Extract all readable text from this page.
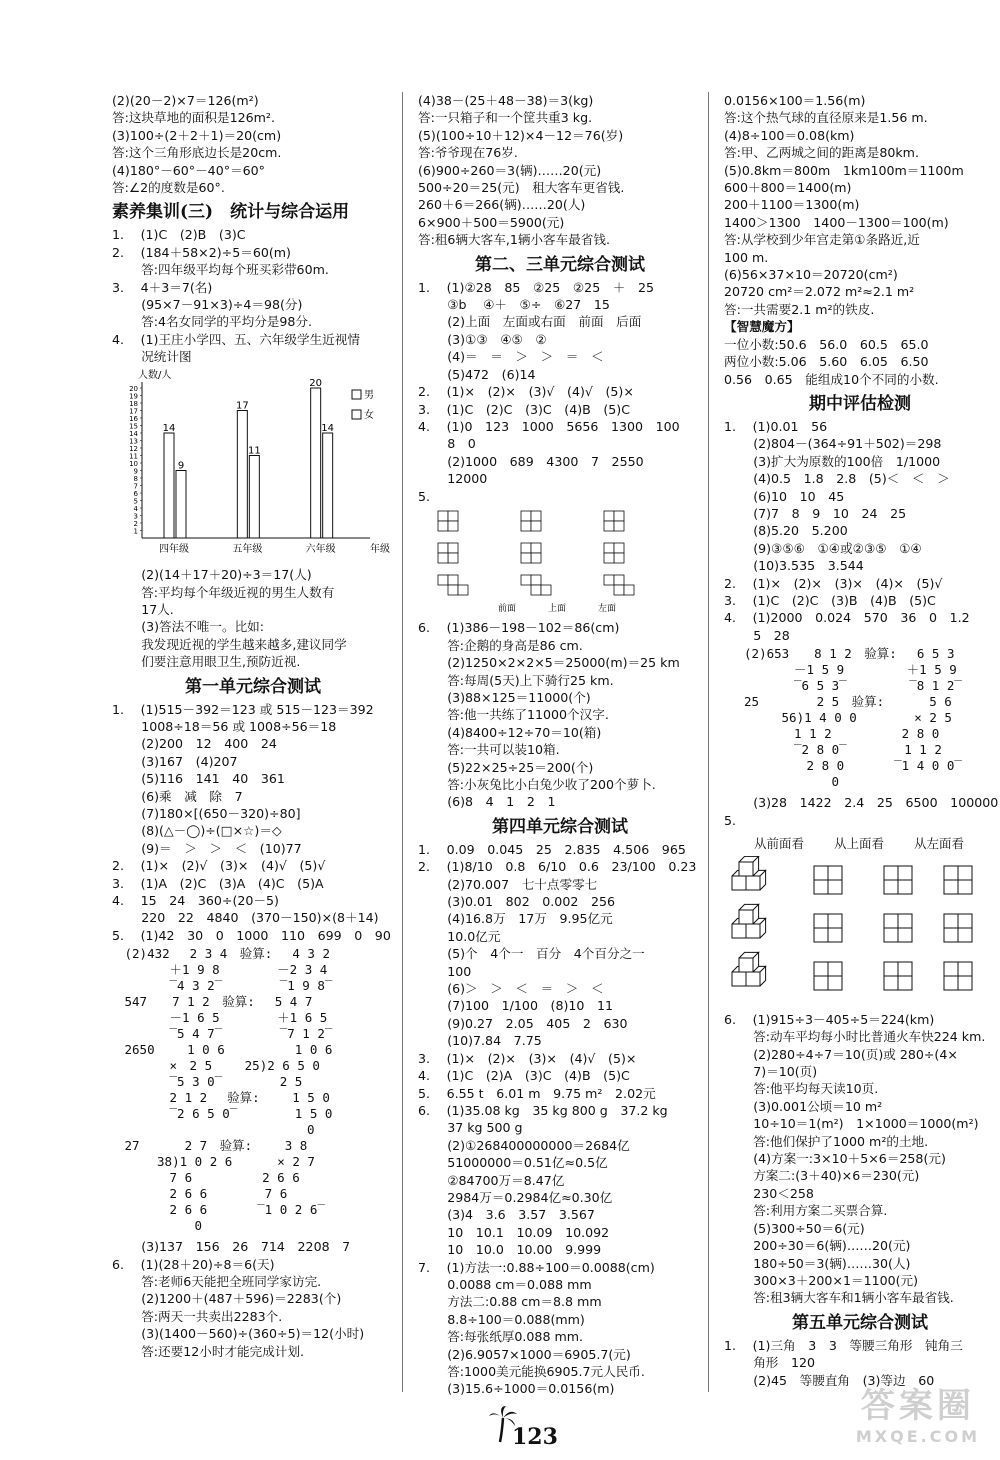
(2)(20－2)×7＝126(m²)
答:这块草地的面积是126m².
(3)100÷(2＋2＋1)＝20(cm)
答:这个三角形底边长是20cm.
(4)180°－60°－40°＝60°
答:∠2的度数是60°.
素养集训(三)　统计与综合运用
1.　 (1)C　(2)B　(3)C
2.　 (184＋58×2)÷5＝60(m)
　　 答:四年级平均每个班买彩带60m.
3.　 4＋3＝7(名)
　　 (95×7－91×3)÷4＝98(分)
　　 答:4名女同学的平均分是98分.
4.　 (1)王庄小学四、五、六年级学生近视情
　　 况统计图
人数/人
年级
1
2
3
4
5
6
7
8
9
10
11
12
13
14
15
16
17
18
19
20
14
9
四年级
17
11
五年级
20
14
六年级
男
女
　　 (2)(14＋17＋20)÷3＝17(人)
　　 答:平均每个年级近视的男生人数有
　　 17人.
　　 (3)答法不唯一。比如:
　　 我发现近视的学生越来越多,建议同学
　　 们要注意用眼卫生,预防近视.
第一单元综合测试
1.　 (1)515－392＝123 或 515－123＝392
　　 1008÷18＝56 或 1008÷56＝18
　　 (2)200　12　400　24
　　 (3)167　(4)207
　　 (5)116　141　40　361
　　 (6)乘　减　除　7
　　 (7)180×[(650－320)÷80]
　　 (8)(△－◯)÷(□×☆)＝◇
　　 (9)＝　＞　＞　＜　(10)77
2.　 (1)×　(2)√　(3)×　(4)√　(5)√
3.　 (1)A　(2)C　(3)A　(4)C　(5)A
4.　 15　24　360÷(20－5)
　　 220　22　4840　(370－150)×(8＋14)
5.　 (1)42　30　0　1000　110　699　0　90
　(2)432　 2 3 4　验算:　 4 3 2
　　　　 ＋1 9 8　　　　 －2 3 4
　　　　 ‾4 3 2‾　　　　 ‾1 9 8‾
　547　　7 1 2　验算:　 5 4 7
　　　　 －1 6 5　　　　 ＋1 6 5
　　　　 ‾5 4 7‾　　　　 ‾7 1 2‾
　2650　　 1 0 6　　　　　 1 0 6
　　　　 ×　2 5　　 25)2 6 5 0
　　　　 ‾5 3 0‾　　　　 2 5
　　　　 2 1 2　 验算:　　 1 5 0
　　　　 ‾2 6 5 0‾　　　　 1 5 0
　　　　　　　　　　　　　　　 0
　27　　　 2 7　验算:　　 3 8
　　　 38)1 0 2 6　　　 × 2 7
　　　　 7 6　　　　　 2 6 6
　　　　 2 6 6　　　　 7 6
　　　　 2 6 6　　　　‾1 0 2 6‾
　　　　　　 0
　　 (3)137　156　26　714　2208　7
6.　 (1)(28＋20)÷8＝6(天)
　　 答:老师6天能把全班同学家访完.
　　 (2)1200＋(487＋596)＝2283(个)
　　 答:两天一共卖出2283个.
　　 (3)(1400－560)÷(360÷5)＝12(小时)
　　 答:还要12小时才能完成计划.
(4)38－(25＋48－38)＝3(kg)
答:一只箱子和一个筐共重3 kg.
(5)(100÷10＋12)×4－12＝76(岁)
答:爷爷现在76岁.
(6)900÷260＝3(辆)……20(元)
500÷20＝25(元)　租大客车更省钱.
260＋6＝266(辆)……20(人)
6×900＋500＝5900(元)
答:租6辆大客车,1辆小客车最省钱.
第二、三单元综合测试
1.　 (1)②28　85　②25　②25　＋　25
　　 ③b　 ④＋　⑤÷　⑥27　15
　　 (2)上面　左面或右面　前面　后面
　　 (3)①③　④⑤　②
　　 (4)＝　＝　＞　＞　＝　＜
　　 (5)472　(6)14
2.　 (1)×　(2)×　(3)√　(4)√　(5)×
3.　 (1)C　(2)C　(3)C　(4)B　(5)C
4.　 (1)0　123　1000　5656　1300　100
　　 8　0
　　 (2)1000　689　4300　7　2550
　　 12000
5.
前面	上面	左面
6.　 (1)386－198－102＝86(cm)
　　 答:企鹅的身高是86 cm.
　　 (2)1250×2×2×5＝25000(m)＝25 km
　　 答:每周(5天)上下骑行25 km.
　　 (3)88×125＝11000(个)
　　 答:他一共练了11000个汉字.
　　 (4)8400÷12÷70＝10(箱)
　　 答:一共可以装10箱.
　　 (5)22×25÷25＝200(个)
　　 答:小灰兔比小白兔少收了200个萝卜.
　　 (6)8　4　1　2　1
第四单元综合测试
1.　 0.09　0.045　25　2.835　4.506　965
2.　 (1)8/10　0.8　6/10　0.6　23/100　0.23
　　 (2)70.007　七十点零零七
　　 (3)0.01　802　0.002　256
　　 (4)16.8万　17万　9.95亿元
　　 10.0亿元
　　 (5)个　4个一　百分　4个百分之一
　　 100
　　 (6)＞　＞　＜　＝　＞　＜
　　 (7)100　1/100　(8)10　11
　　 (9)0.27　2.05　405　2　630
　　 (10)7.84　7.75
3.　 (1)×　(2)×　(3)×　(4)√　(5)×
4.　 (1)C　(2)A　(3)C　(4)B　(5)C
5.　 6.55 t　6.01 m　9.75 m²　2.02元
6.　 (1)35.08 kg　35 kg 800 g　37.2 kg
　　 37 kg 500 g
　　 (2)①268400000000＝2684亿
　　 51000000＝0.51亿≈0.5亿
　　 ②84700万＝8.47亿
　　 2984万＝0.2984亿≈0.30亿
　　 (3)4　3.6　3.57　3.567
　　 10　10.1　10.09　10.092
　　 10　10.0　10.00　9.999
7.　 (1)方法一:0.88÷100＝0.0088(cm)
　　 0.0088 cm＝0.088 mm
　　 方法二:0.88 cm＝8.8 mm
　　 8.8÷100＝0.088(mm)
　　 答:每张纸厚0.088 mm.
　　 (2)6.9057×1000＝6905.7(元)
　　 答:1000美元能换6905.7元人民币.
　　 (3)15.6÷1000＝0.0156(m)
0.0156×100＝1.56(m)
答:这个热气球的直径原来是1.56 m.
(4)8÷100＝0.08(km)
答:甲、乙两城之间的距离是80km.
(5)0.8km＝800m　1km100m＝1100m
600＋800＝1400(m)
200＋1100＝1300(m)
1400＞1300　1400－1300＝100(m)
答:从学校到少年宫走第①条路近,近
100 m.
(6)56×37×10＝20720(cm²)
20720 cm²＝2.072 m²≈2.1 m²
答:一共需要2.1 m²的铁皮.
【智慧魔方】
一位小数:50.6　56.0　60.5　65.0
两位小数:5.06　5.60　6.05　6.50
0.56　0.65　能组成10个不同的小数.
期中评估检测
1.　 (1)0.01　56
　　 (2)804－(364÷91＋502)＝298
　　 (3)扩大为原数的100倍　1/1000
　　 (4)0.5　1.8　2.8　(5)＜　＜　＞
　　 (6)10　10　45
　　 (7)7　8　9　10　24　25
　　 (8)5.20　5.200
　　 (9)③⑤⑥　①④或②③⑤　①④
　　 (10)3.535　3.544
2.　 (1)×　(2)×　(3)×　(4)×　(5)√
3.　 (1)C　(2)C　(3)B　(4)B　(5)C
4.　 (1)2000　0.024　570　36　0　1.2
　　 5　28
　 (2)653　　8 1 2　验算:　 6 5 3
　　　　　 －1 5 9　　　　　＋1 5 9
　　　　　 ‾6 5 3‾　　　　　‾8 1 2‾
　 25　　　　 2 5　验算:　　　 5 6
　　　　 56)1 4 0 0　　　　 × 2 5
　　　　　 1 1 2　　　　　 2 8 0
　　　　　 ‾2 8 0‾　　　　 1 1 2
　　　　　　 2 8 0　　　　‾1 4 0 0‾
　　　　　　　　 0
　　 (3)28　1422　2.4　25　6500　100000
5.
从前面看 从上面看 从左面看
6.　 (1)915÷3－405÷5＝224(km)
　　 答:动车平均每小时比普通火车快224 km.
　　 (2)280÷4÷7＝10(页)或 280÷(4×
　　 7)＝10(页)
　　 答:他平均每天读10页.
　　 (3)0.001公顷＝10 m²
　　 10÷10＝1(m²)　1×1000＝1000(m²)
　　 答:他们保护了1000 m²的土地.
　　 (4)方案一:3×10＋5×6＝258(元)
　　 方案二:(3＋40)×6＝230(元)
　　 230＜258
　　 答:利用方案二买票合算.
　　 (5)300÷50＝6(元)
　　 200÷30＝6(辆)……20(元)
　　 180÷50＝3(辆)……30(人)
　　 300×3＋200×1＝1100(元)
　　 答:租3辆大客车和1辆小客车最省钱.
第五单元综合测试
1.　 (1)三角　3　3　等腰三角形　钝角三
　　 角形　120
　　 (2)45　等腰直角　(3)等边　60
123
答案圈
MXQE.COM
